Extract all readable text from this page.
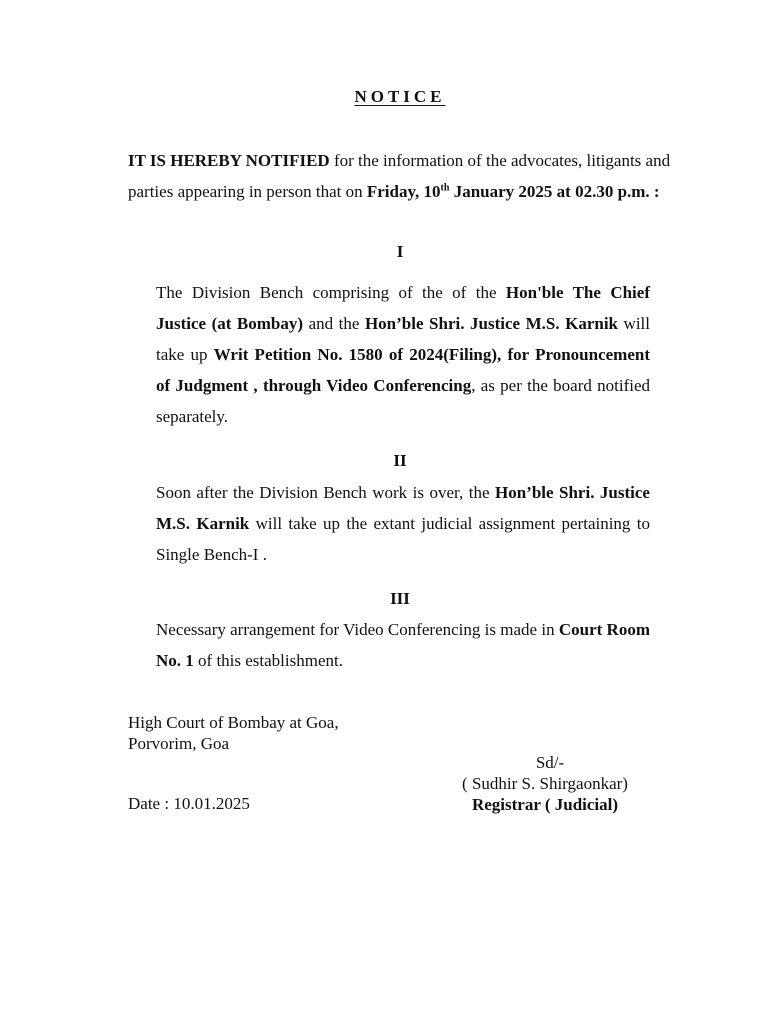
NOTICE
IT IS HEREBY NOTIFIED for the information of the advocates, litigants and parties appearing in person that on Friday, 10th January 2025 at 02.30 p.m. :
I
The Division Bench comprising of the of the Hon'ble The Chief Justice (at Bombay) and the Hon’ble Shri. Justice M.S. Karnik will take up Writ Petition No. 1580 of 2024(Filing), for Pronouncement of Judgment , through Video Conferencing, as per the board notified separately.
II
Soon after the Division Bench work is over, the Hon’ble Shri. Justice M.S. Karnik will take up the extant judicial assignment pertaining to Single Bench-I .
III
Necessary arrangement for Video Conferencing is made in Court Room No. 1 of this establishment.
High Court of Bombay at Goa,
Porvorim, Goa
Sd/-
( Sudhir S. Shirgaonkar)
Registrar ( Judicial)
Date : 10.01.2025
